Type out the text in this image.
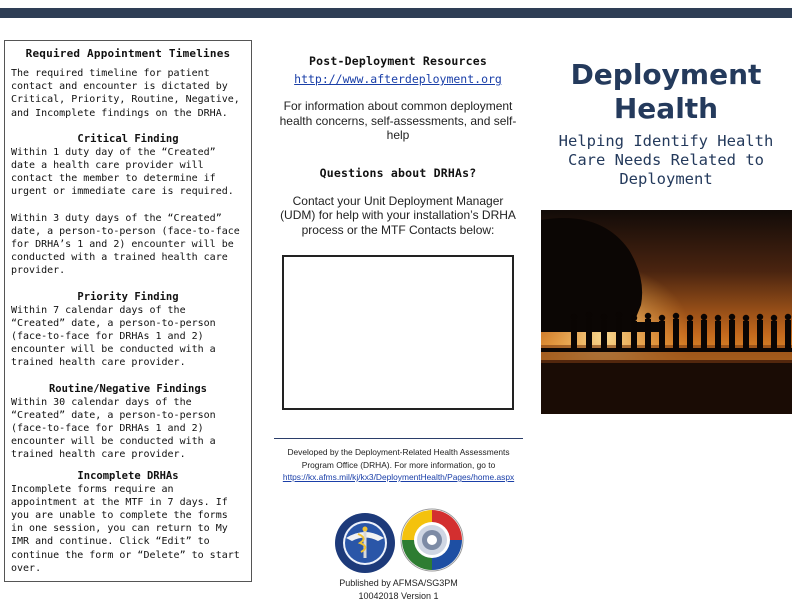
Required Appointment Timelines
The required timeline for patient contact and encounter is dictated by Critical, Priority, Routine, Negative, and Incomplete findings on the DRHA.
Critical Finding
Within 1 duty day of the “Created” date a health care provider will contact the member to determine if urgent or immediate care is required.
Within 3 duty days of the “Created” date, a person-to-person (face-to-face for DRHA’s 1 and 2) encounter will be conducted with a trained health care provider.
Priority Finding
Within 7 calendar days of the “Created” date, a person-to-person (face-to-face for DRHAs 1 and 2) encounter will be conducted with a trained health care provider.
Routine/Negative Findings
Within 30 calendar days of the “Created” date, a person-to-person (face-to-face for DRHAs 1 and 2) encounter will be conducted with a trained health care provider.
Incomplete DRHAs
Incomplete forms require an appointment at the MTF in 7 days. If you are unable to complete the forms in one session, you can return to My IMR and continue. Click “Edit” to continue the form or “Delete” to start over.
Post-Deployment Resources
http://www.afterdeployment.org
For information about common deployment health concerns, self-assessments, and self-help
Questions about DRHAs?
Contact your Unit Deployment Manager (UDM) for help with your installation’s DRHA process or the MTF Contacts below:
Developed by the Deployment-Related Health Assessments Program Office (DRHA). For more information, go to https://kx.afms.mil/kj/kx3/DeploymentHealth/Pages/home.aspx
Published by AFMSA/SG3PM
10042018 Version 1
Deployment
Health
Helping Identify Health Care Needs Related to Deployment
